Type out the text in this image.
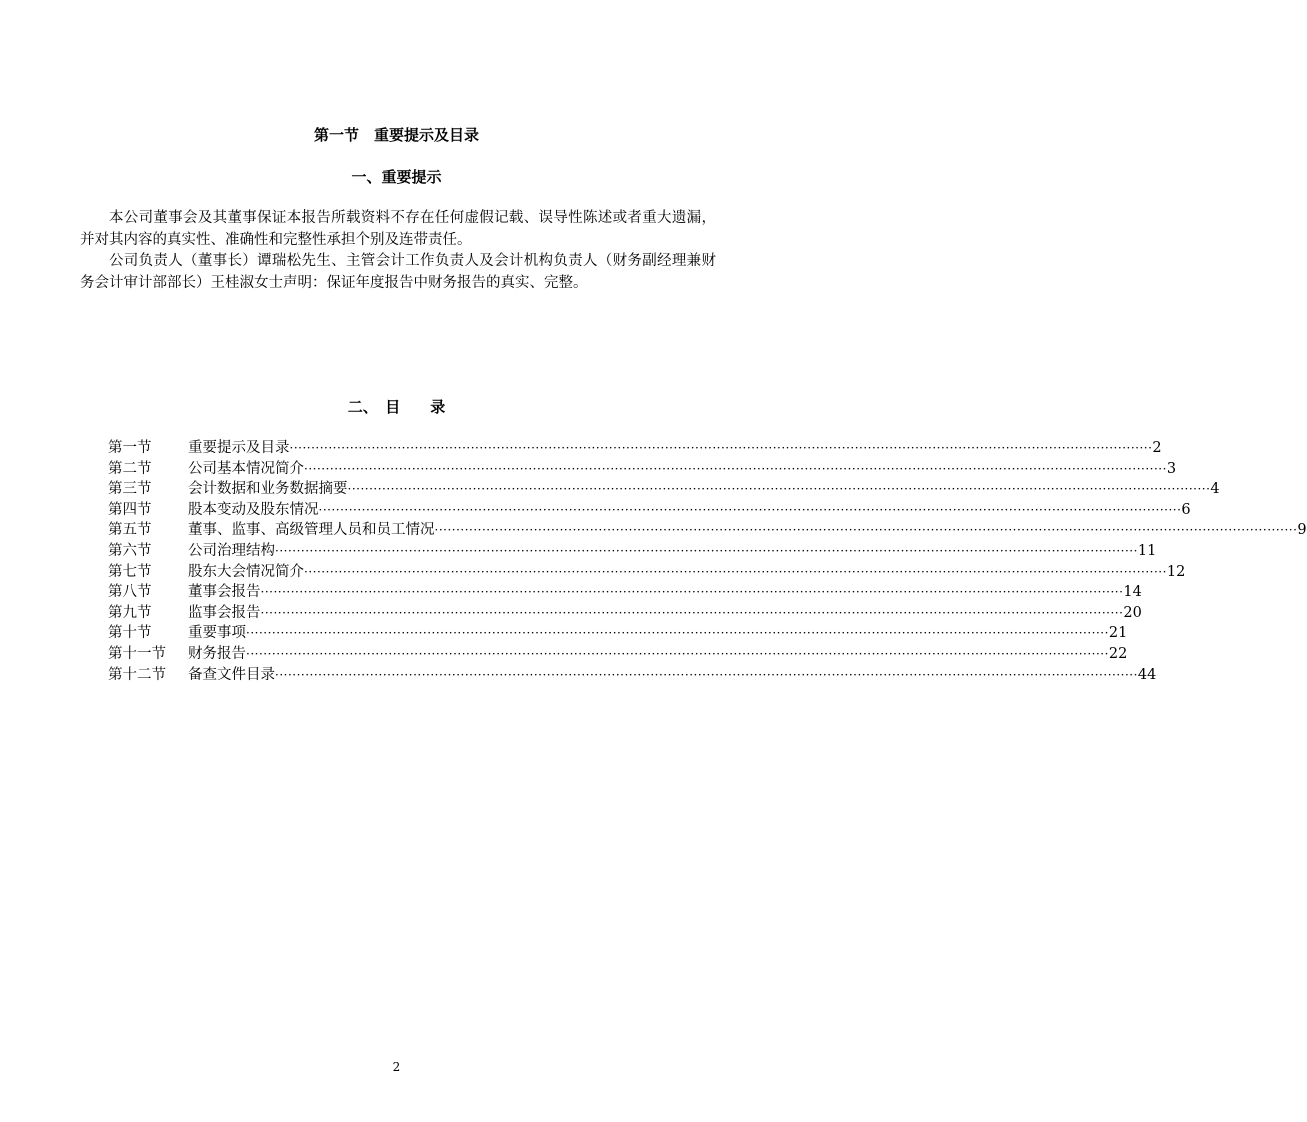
第一节　重要提示及目录
一、重要提示

本公司董事会及其董事保证本报告所载资料不存在任何虚假记载、误导性陈述或者重大遗漏，并对其内容的真实性、准确性和完整性承担个别及连带责任。

公司负责人（董事长）谭瑞松先生、主管会计工作负责人及会计机构负责人（财务副经理兼财务会计审计部部长）王桂淑女士声明：保证年度报告中财务报告的真实、完整。

二、　目　　录
第一节	重要提示及目录 ········································································································································································································ 2
第二节	公司基本情况简介 ········································································································································································································ 3
第三节	会计数据和业务数据摘要 ········································································································································································································ 4
第四节	股本变动及股东情况 ········································································································································································································ 6
第五节	董事、监事、高级管理人员和员工情况 ········································································································································································································ 9
第六节	公司治理结构 ········································································································································································································ 11
第七节	股东大会情况简介 ········································································································································································································ 12
第八节	董事会报告 ········································································································································································································ 14
第九节	监事会报告 ········································································································································································································ 20
第十节	重要事项 ········································································································································································································ 21
第十一节	财务报告 ········································································································································································································ 22
第十二节	备查文件目录 ········································································································································································································ 44
2
